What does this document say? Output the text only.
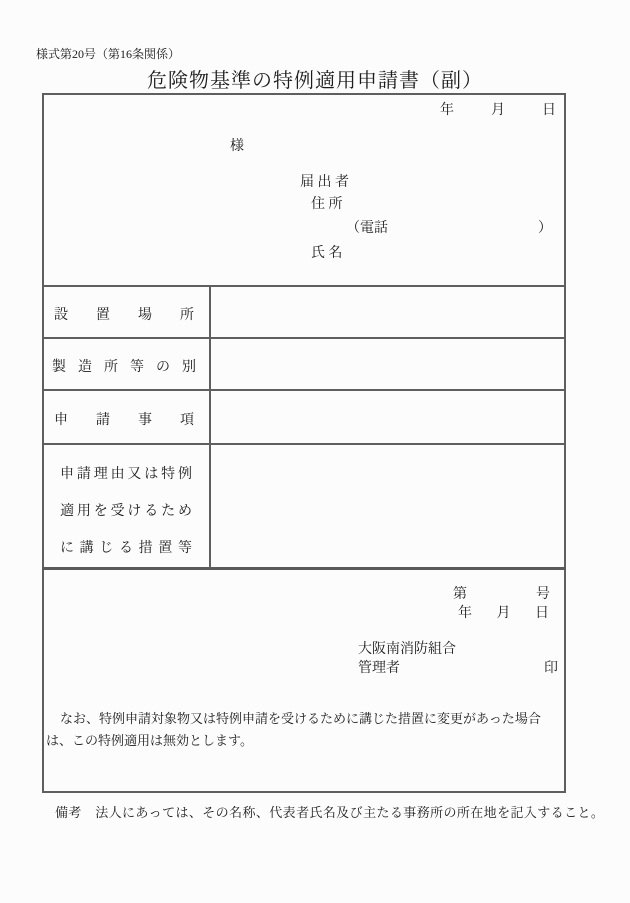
様式第20号（第16条関係）
危険物基準の特例適用申請書（副）
年　月　日
様
届 出 者
住 所
（電話	）
氏 名
設置場所
製造所等の別
申請事項
申請理由又は特例
適用を受けるため
に講じる措置等
第　号
年　月　日
大阪南消防組合
管理者	印
なお、特例申請対象物又は特例申請を受けるために講じた措置に変更があった場合
は、この特例適用は無効とします。
備考　法人にあっては、その名称、代表者氏名及び主たる事務所の所在地を記入すること。
